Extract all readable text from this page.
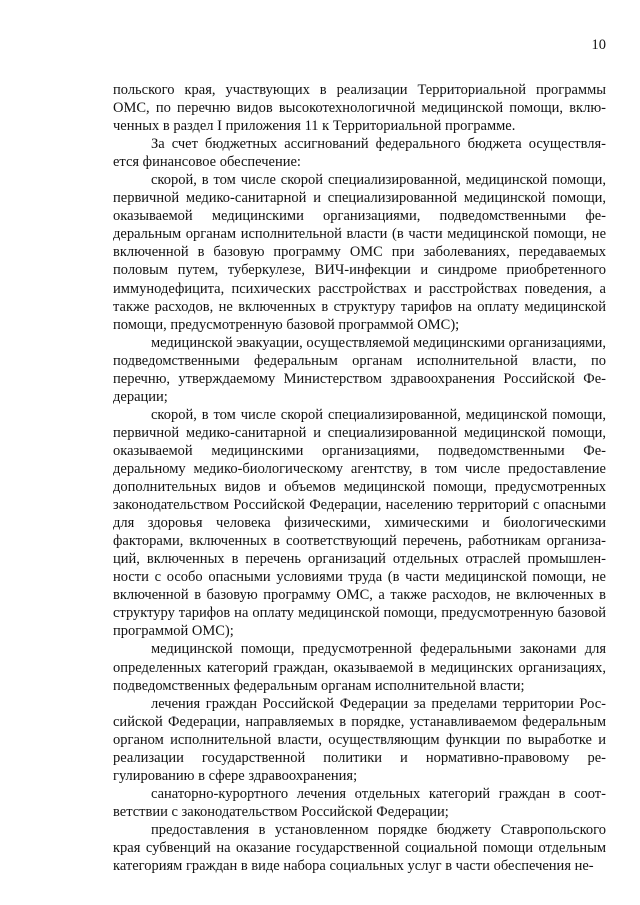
10

польского края, участвующих в реализации Территориальной программы ОМС, по перечню видов высокотехнологичной медицинской помощи, включенных в раздел I приложения 11 к Территориальной программе.

За счет бюджетных ассигнований федерального бюджета осуществляется финансовое обеспечение:

скорой, в том числе скорой специализированной, медицинской помощи, первичной медико-санитарной и специализированной медицинской помощи, оказываемой медицинскими организациями, подведомственными федеральным органам исполнительной власти (в части медицинской помощи, не включенной в базовую программу ОМС при заболеваниях, передаваемых половым путем, туберкулезе, ВИЧ-инфекции и синдроме приобретенного иммунодефицита, психических расстройствах и расстройствах поведения, а также расходов, не включенных в структуру тарифов на оплату медицинской помощи, предусмотренную базовой программой ОМС);

медицинской эвакуации, осуществляемой медицинскими организациями, подведомственными федеральным органам исполнительной власти, по перечню, утверждаемому Министерством здравоохранения Российской Федерации;

скорой, в том числе скорой специализированной, медицинской помощи, первичной медико-санитарной и специализированной медицинской помощи, оказываемой медицинскими организациями, подведомственными Федеральному медико-биологическому агентству, в том числе предоставление дополнительных видов и объемов медицинской помощи, предусмотренных законодательством Российской Федерации, населению территорий с опасными для здоровья человека физическими, химическими и биологическими факторами, включенных в соответствующий перечень, работникам организаций, включенных в перечень организаций отдельных отраслей промышленности с особо опасными условиями труда (в части медицинской помощи, не включенной в базовую программу ОМС, а также расходов, не включенных в структуру тарифов на оплату медицинской помощи, предусмотренную базовой программой ОМС);

медицинской помощи, предусмотренной федеральными законами для определенных категорий граждан, оказываемой в медицинских организациях, подведомственных федеральным органам исполнительной власти;

лечения граждан Российской Федерации за пределами территории Российской Федерации, направляемых в порядке, устанавливаемом федеральным органом исполнительной власти, осуществляющим функции по выработке и реализации государственной политики и нормативно-правовому регулированию в сфере здравоохранения;

санаторно-курортного лечения отдельных категорий граждан в соответствии с законодательством Российской Федерации;

предоставления в установленном порядке бюджету Ставропольского края субвенций на оказание государственной социальной помощи отдельным категориям граждан в виде набора социальных услуг в части обеспечения не-
